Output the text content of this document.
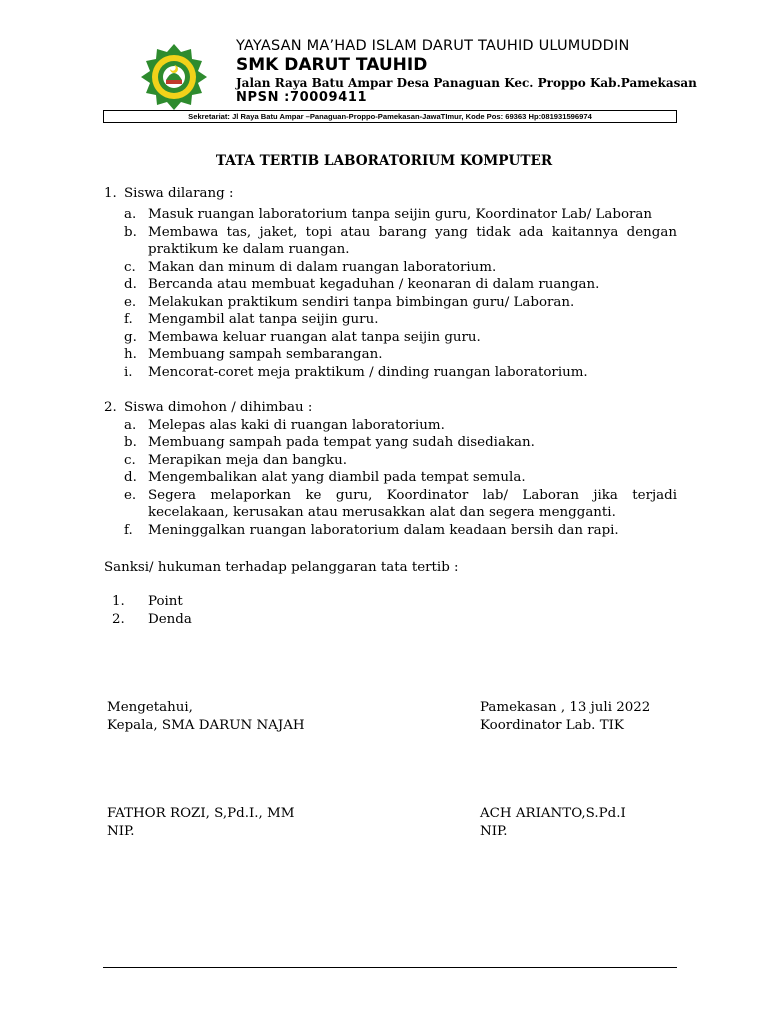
YAYASAN MA’HAD ISLAM DARUT TAUHID ULUMUDDIN
SMK DARUT TAUHID
Jalan Raya Batu Ampar Desa Panaguan Kec. Proppo Kab.Pamekasan
NPSN :70009411
Sekretariat: Jl Raya Batu Ampar –Panaguan-Proppo-Pamekasan-JawaTImur, Kode Pos: 69363 Hp:081931596974
TATA TERTIB LABORATORIUM KOMPUTER
1. Siswa dilarang :
a. Masuk ruangan laboratorium tanpa seijin guru, Koordinator Lab/ Laboran
b. Membawa tas, jaket, topi atau barang yang tidak ada kaitannya dengan
praktikum ke dalam ruangan.
c. Makan dan minum di dalam ruangan laboratorium.
d. Bercanda atau membuat kegaduhan / keonaran di dalam ruangan.
e. Melakukan praktikum sendiri tanpa bimbingan guru/ Laboran.
f. Mengambil alat tanpa seijin guru.
g. Membawa keluar ruangan alat tanpa seijin guru.
h. Membuang sampah sembarangan.
i. Mencorat-coret meja praktikum / dinding ruangan laboratorium.
2. Siswa dimohon / dihimbau :
a. Melepas alas kaki di ruangan laboratorium.
b. Membuang sampah pada tempat yang sudah disediakan.
c. Merapikan meja dan bangku.
d. Mengembalikan alat yang diambil pada tempat semula.
e. Segera melaporkan ke guru, Koordinator lab/ Laboran jika terjadi
kecelakaan, kerusakan atau merusakkan alat dan segera mengganti.
f. Meninggalkan ruangan laboratorium dalam keadaan bersih dan rapi.
Sanksi/ hukuman terhadap pelanggaran tata tertib :
1. Point
2. Denda
Mengetahui,
Kepala, SMA DARUN NAJAH
Pamekasan , 13 juli 2022
Koordinator Lab. TIK
FATHOR ROZI, S,Pd.I., MM
NIP.
ACH ARIANTO,S.Pd.I
NIP.
